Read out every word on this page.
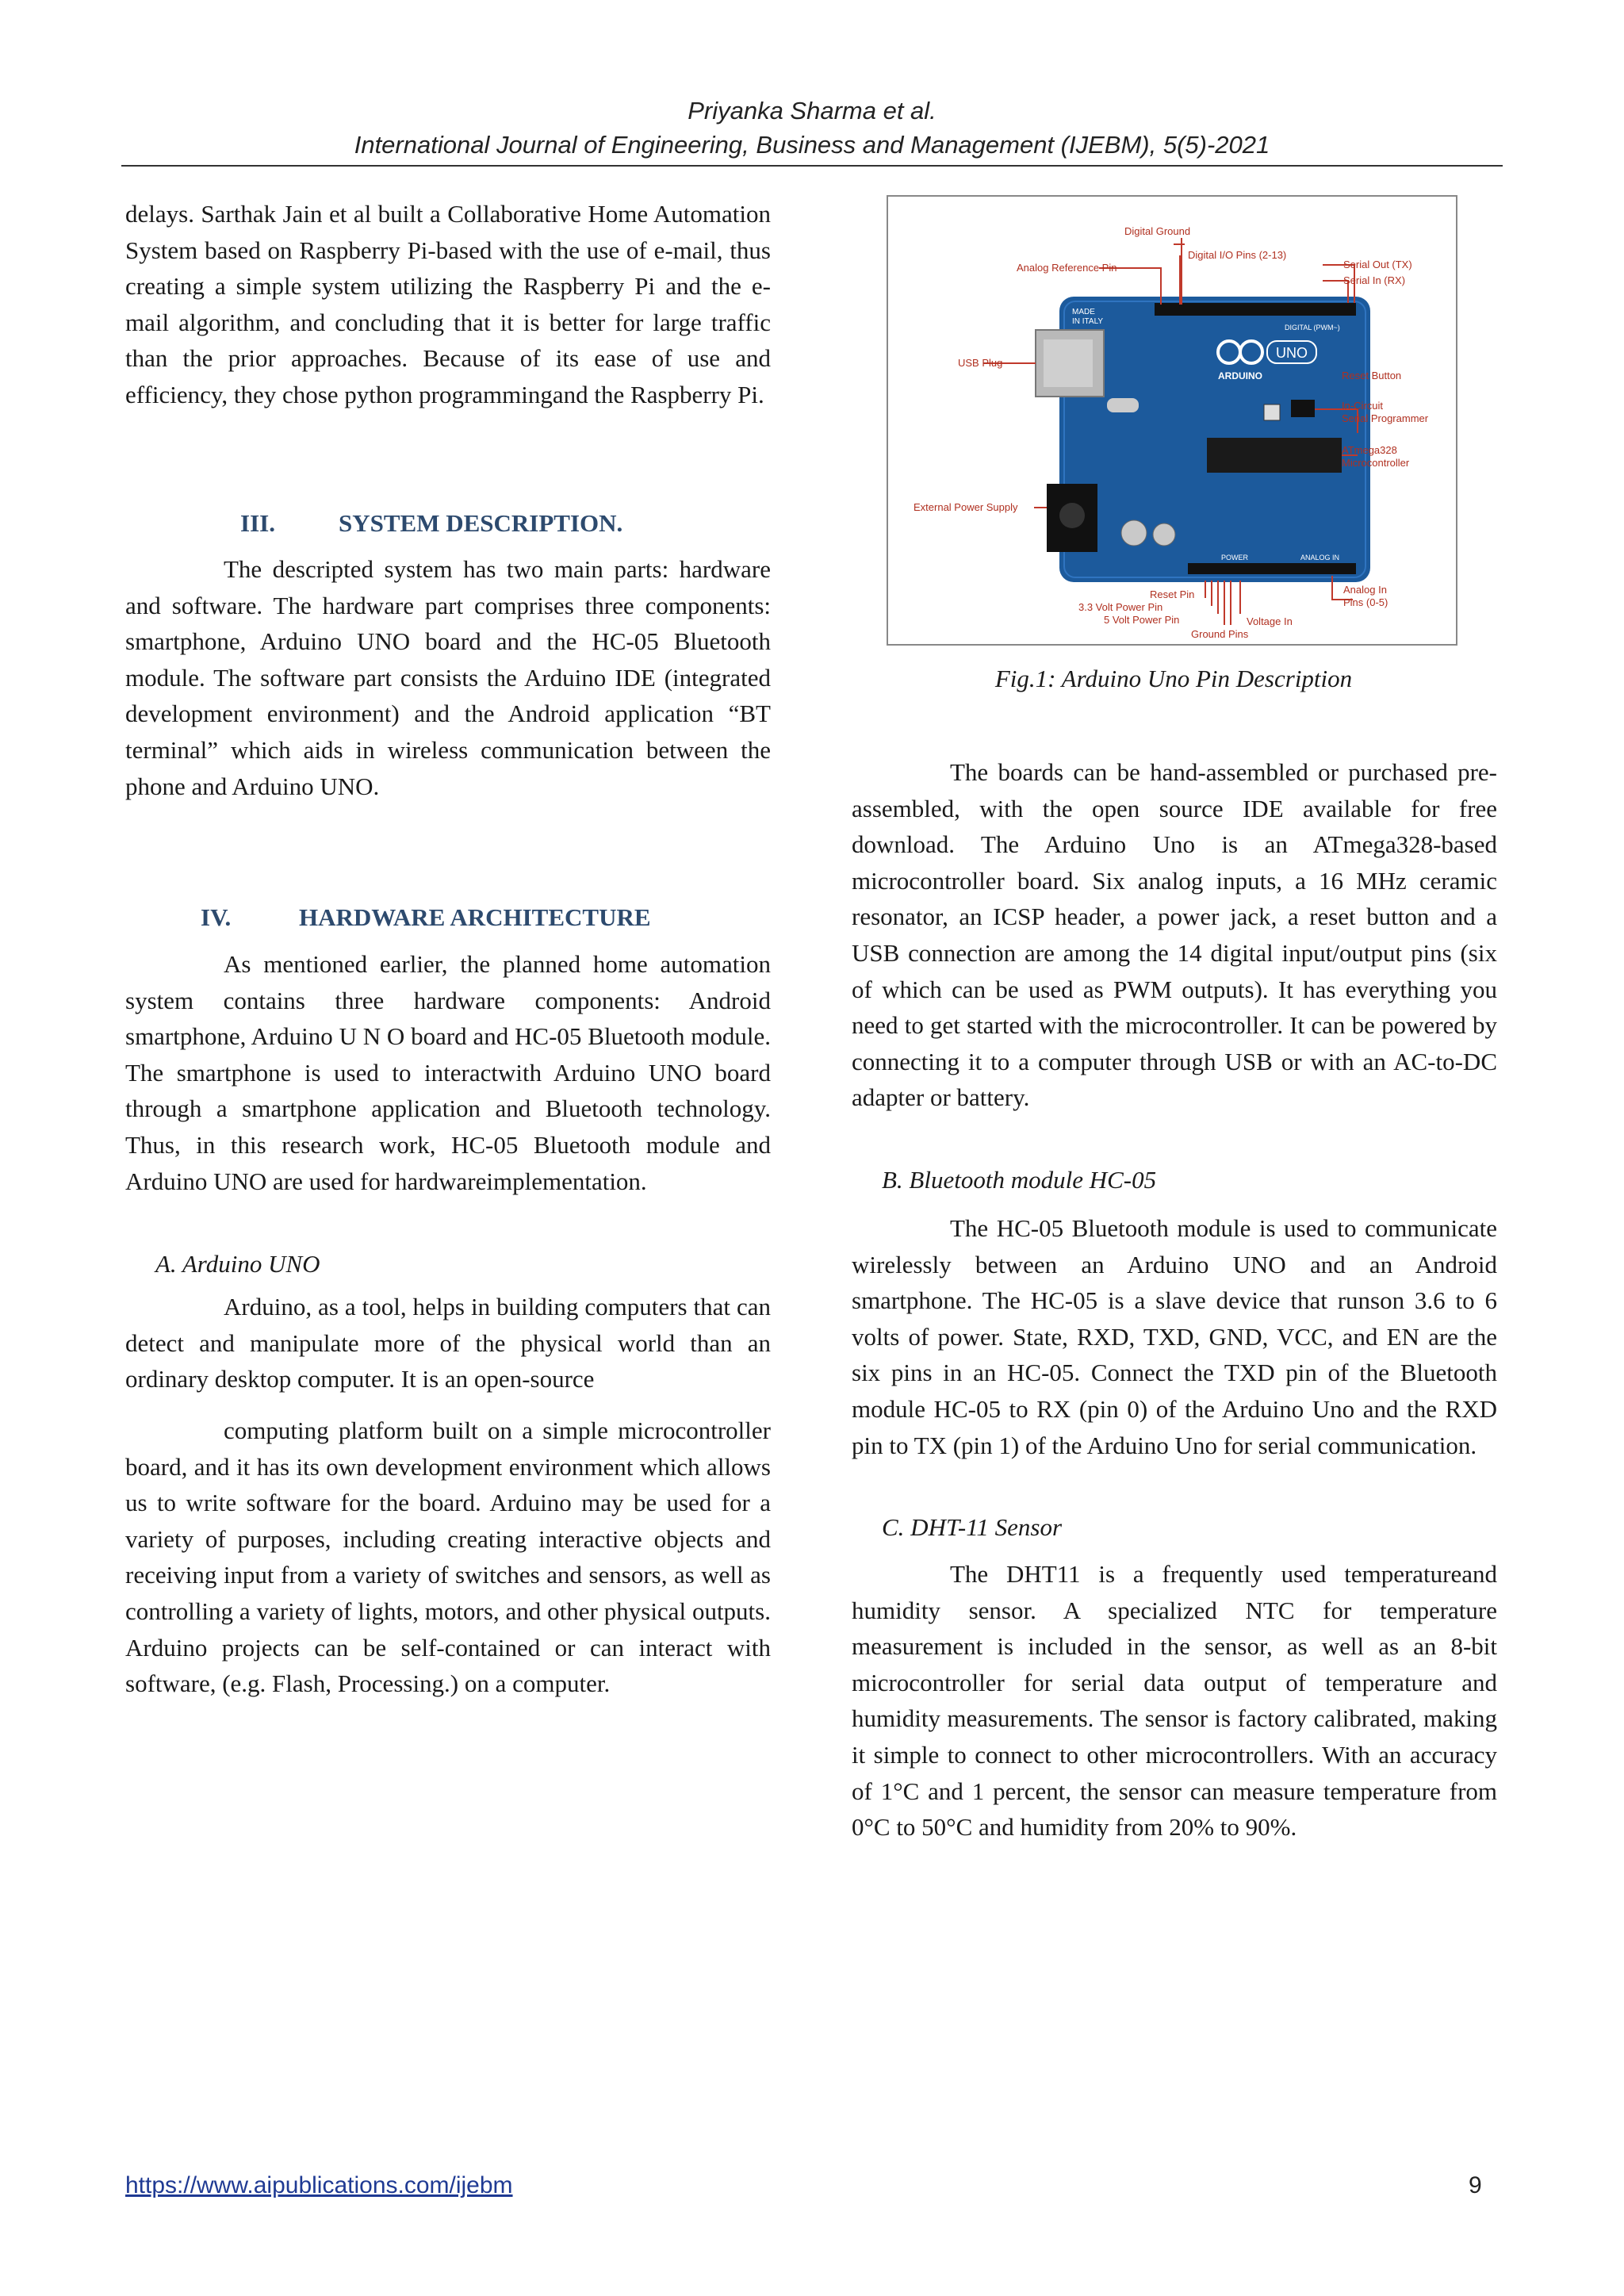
Priyanka Sharma et al.
International Journal of Engineering, Business and Management (IJEBM), 5(5)-2021

delays. Sarthak Jain et al built a Collaborative Home Automation System based on Raspberry Pi-based with the use of e-mail, thus creating a simple system utilizing the Raspberry Pi and the e-mail algorithm, and concluding that it is better for large traffic than the prior approaches. Because of its ease of use and efficiency, they chose python programmingand the Raspberry Pi.

III.	SYSTEM DESCRIPTION.

The descripted system has two main parts: hardware and software. The hardware part comprises three components: smartphone, Arduino UNO board and the HC-05 Bluetooth module. The software part consists the Arduino IDE (integrated development environment) and the Android application “BT terminal” which aids in wireless communication between the phone and Arduino UNO.

IV.	HARDWARE ARCHITECTURE

As mentioned earlier, the planned home automation system contains three hardware components: Android smartphone, Arduino U N O board and HC-05 Bluetooth module. The smartphone is used to interactwith Arduino UNO board through a smartphone application and Bluetooth technology. Thus, in this research work, HC-05 Bluetooth module and Arduino UNO are used for hardwareimplementation.

A. Arduino UNO

Arduino, as a tool, helps in building computers that can detect and manipulate more of the physical world than an ordinary desktop computer. It is an open-source

computing platform built on a simple microcontroller board, and it has its own development environment which allows us to write software for the board. Arduino may be used for a variety of purposes, including creating interactive objects and receiving input from a variety of switches and sensors, as well as controlling a variety of lights, motors, and other physical outputs. Arduino projects can be self-contained or can interact with software, (e.g. Flash, Processing.) on a computer.

UNO
ARDUINO
MADE
IN ITALY
DIGITAL (PWM~)
POWER	ANALOG IN
Digital Ground
Digital I/O Pins (2-13)
Analog Reference Pin	Serial Out (TX)
Serial In (RX)
USB Plug
Reset Button
In-Circuit
Serial Programmer
ATmega328
Microcontroller
External Power Supply
Reset Pin
3.3 Volt Power Pin
5 Volt Power Pin	Voltage In
Ground Pins
Analog In
Pins (0-5)
Fig.1: Arduino Uno Pin Description

The boards can be hand-assembled or purchased pre-assembled, with the open source IDE available for free download. The Arduino Uno is an ATmega328-based microcontroller board. Six analog inputs, a 16 MHz ceramic resonator, an ICSP header, a power jack, a reset button and a USB connection are among the 14 digital input/output pins (six of which can be used as PWM outputs). It has everything you need to get started with the microcontroller. It can be powered by connecting it to a computer through USB or with an AC-to-DC adapter or battery.

B. Bluetooth module HC-05

The HC-05 Bluetooth module is used to communicate wirelessly between an Arduino UNO and an Android smartphone. The HC-05 is a slave device that runson 3.6 to 6 volts of power. State, RXD, TXD, GND, VCC, and EN are the six pins in an HC-05. Connect the TXD pin of the Bluetooth module HC-05 to RX (pin 0) of the Arduino Uno and the RXD pin to TX (pin 1) of the Arduino Uno for serial communication.

C. DHT-11 Sensor

The DHT11 is a frequently used temperatureand humidity sensor. A specialized NTC for temperature measurement is included in the sensor, as well as an 8-bit microcontroller for serial data output of temperature and humidity measurements. The sensor is factory calibrated, making it simple to connect to other microcontrollers. With an accuracy of 1°C and 1 percent, the sensor can measure temperature from 0°C to 50°C and humidity from 20% to 90%.

https://www.aipublications.com/ijebm	9
